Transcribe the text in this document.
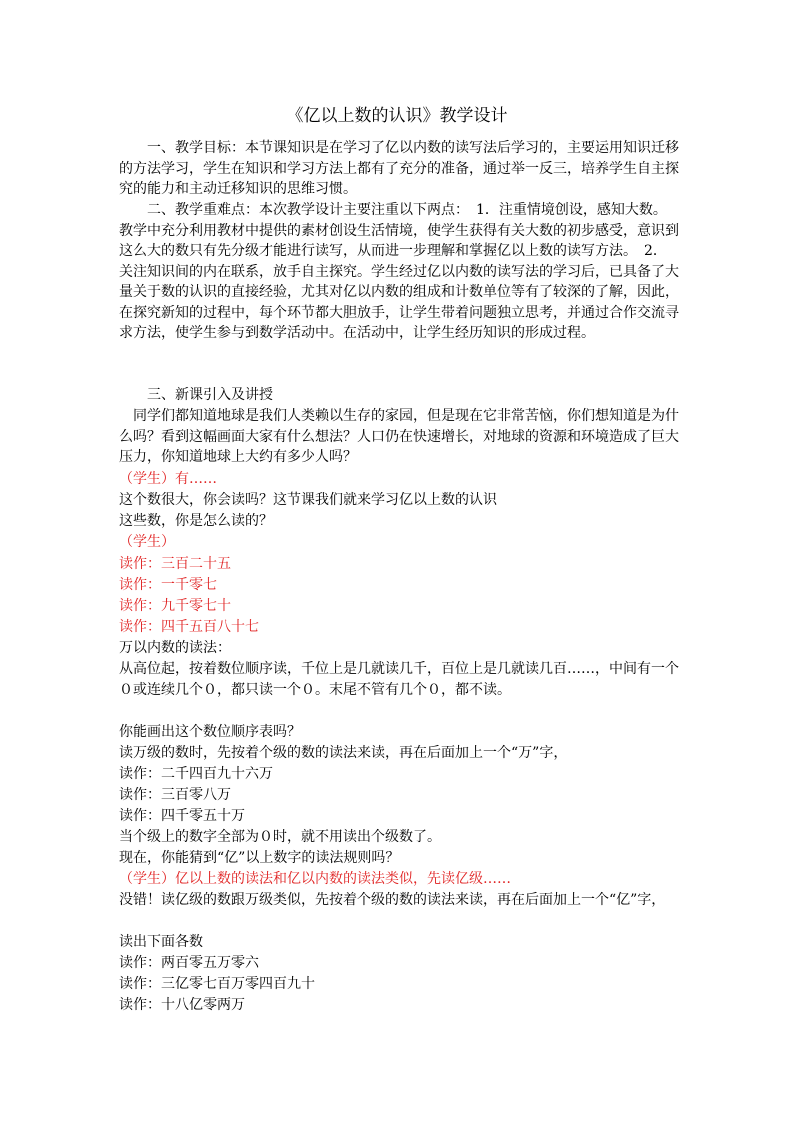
《亿以上数的认识》教学设计

一、教学目标：本节课知识是在学习了亿以内数的读写法后学习的，主要运用知识迁移的方法学习，学生在知识和学习方法上都有了充分的准备，通过举一反三，培养学生自主探究的能力和主动迁移知识的思维习惯。

二、教学重难点：本次教学设计主要注重以下两点：　1．注重情境创设，感知大数。　教学中充分利用教材中提供的素材创设生活情境，使学生获得有关大数的初步感受，意识到这么大的数只有先分级才能进行读写，从而进一步理解和掌握亿以上数的读写方法。　2．关注知识间的内在联系，放手自主探究。学生经过亿以内数的读写法的学习后，已具备了大量关于数的认识的直接经验，尤其对亿以内数的组成和计数单位等有了较深的了解，因此，在探究新知的过程中，每个环节都大胆放手，让学生带着问题独立思考，并通过合作交流寻求方法，使学生参与到数学活动中。在活动中，让学生经历知识的形成过程。

三、新课引入及讲授

同学们都知道地球是我们人类赖以生存的家园，但是现在它非常苦恼，你们想知道是为什么吗？看到这幅画面大家有什么想法？人口仍在快速增长，对地球的资源和环境造成了巨大压力，你知道地球上大约有多少人吗？

（学生）有……
这个数很大，你会读吗？这节课我们就来学习亿以上数的认识
这些数，你是怎么读的？
（学生）
读作：三百二十五
读作：一千零七
读作：九千零七十
读作：四千五百八十七
万以内数的读法：

从高位起，按着数位顺序读，千位上是几就读几千，百位上是几就读几百……，中间有一个０或连续几个０，都只读一个０。末尾不管有几个０，都不读。

你能画出这个数位顺序表吗？
读万级的数时，先按着个级的数的读法来读，再在后面加上一个“万”字，
读作：二千四百九十六万
读作：三百零八万
读作：四千零五十万
当个级上的数字全部为０时，就不用读出个级数了。
现在，你能猜到“亿”以上数字的读法规则吗？
（学生）亿以上数的读法和亿以内数的读法类似，先读亿级……

没错！读亿级的数跟万级类似，先按着个级的数的读法来读，再在后面加上一个“亿”字，

读出下面各数
读作：两百零五万零六
读作：三亿零七百万零四百九十
读作：十八亿零两万
